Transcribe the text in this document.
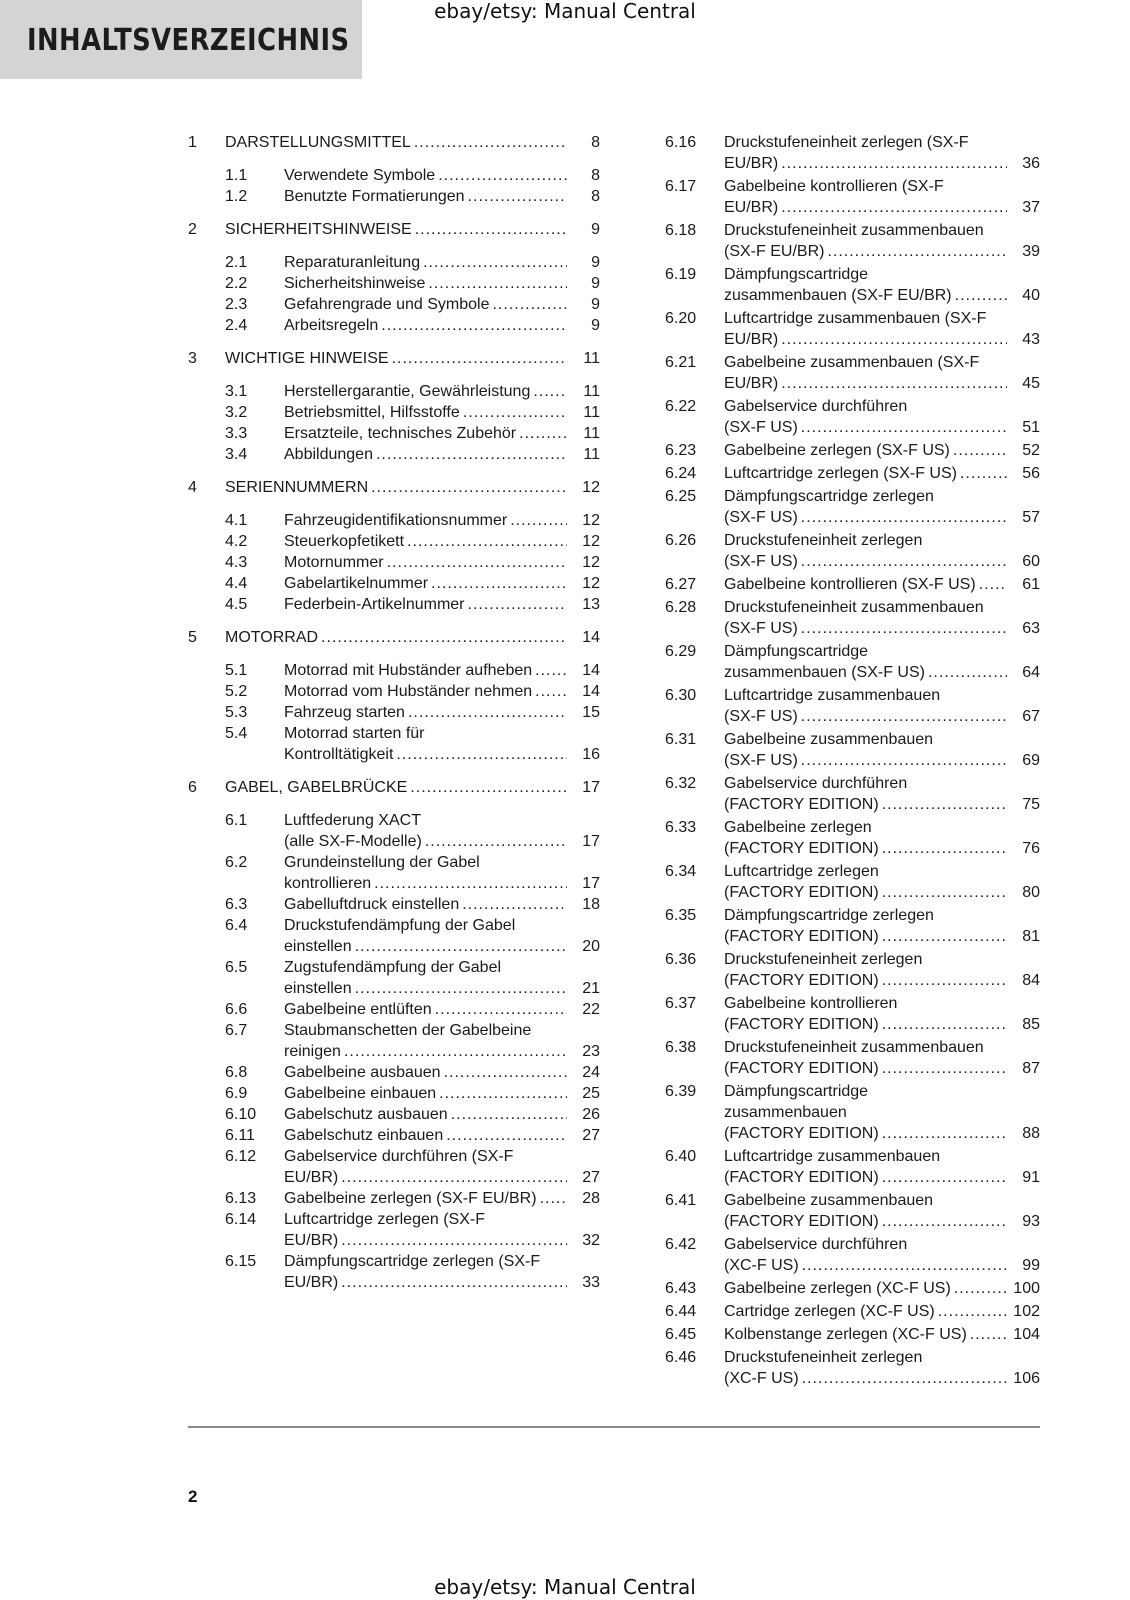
INHALTSVERZEICHNIS
ebay/etsy: Manual Central
1	DARSTELLUNGSMITTEL .....	8
1.1	Verwendete Symbole .....	8
1.2	Benutzte Formatierungen .....	8
2	SICHERHEITSHINWEISE .....	9
2.1	Reparaturanleitung .....	9
2.2	Sicherheitshinweise .....	9
2.3	Gefahrengrade und Symbole .....	9
2.4	Arbeitsregeln .....	9
3	WICHTIGE HINWEISE .....	11
3.1	Herstellergarantie, Gewährleistung .....	11
3.2	Betriebsmittel, Hilfsstoffe .....	11
3.3	Ersatzteile, technisches Zubehör .....	11
3.4	Abbildungen .....	11
4	SERIENNUMMERN .....	12
4.1	Fahrzeugidentifikationsnummer .....	12
4.2	Steuerkopfetikett .....	12
4.3	Motornummer .....	12
4.4	Gabelartikelnummer .....	12
4.5	Federbein-Artikelnummer .....	13
5	MOTORRAD .....	14
5.1	Motorrad mit Hubständer aufheben .....	14
5.2	Motorrad vom Hubständer nehmen .....	14
5.3	Fahrzeug starten .....	15
5.4	Motorrad starten für
Kontrolltätigkeit .....	16
6	GABEL, GABELBRÜCKE .....	17
6.1	Luftfederung XACT
(alle SX-F-Modelle) .....	17
6.2	Grundeinstellung der Gabel
kontrollieren .....	17
6.3	Gabelluftdruck einstellen .....	18
6.4	Druckstufendämpfung der Gabel
einstellen .....	20
6.5	Zugstufendämpfung der Gabel
einstellen .....	21
6.6	Gabelbeine entlüften .....	22
6.7	Staubmanschetten der Gabelbeine
reinigen .....	23
6.8	Gabelbeine ausbauen .....	24
6.9	Gabelbeine einbauen .....	25
6.10	Gabelschutz ausbauen .....	26
6.11	Gabelschutz einbauen .....	27
6.12	Gabelservice durchführen (SX-F
EU/BR) .....	27
6.13	Gabelbeine zerlegen (SX-F EU/BR) .....	28
6.14	Luftcartridge zerlegen (SX-F
EU/BR) .....	32
6.15	Dämpfungscartridge zerlegen (SX-F
EU/BR) .....	33
6.16	Druckstufeneinheit zerlegen (SX-F
EU/BR) .....	36
6.17	Gabelbeine kontrollieren (SX-F
EU/BR) .....	37
6.18	Druckstufeneinheit zusammenbauen
(SX-F EU/BR) .....	39
6.19	Dämpfungscartridge
zusammenbauen (SX-F EU/BR) .....	40
6.20	Luftcartridge zusammenbauen (SX-F
EU/BR) .....	43
6.21	Gabelbeine zusammenbauen (SX-F
EU/BR) .....	45
6.22	Gabelservice durchführen
(SX-F US) .....	51
6.23	Gabelbeine zerlegen (SX-F US) .....	52
6.24	Luftcartridge zerlegen (SX-F US) .....	56
6.25	Dämpfungscartridge zerlegen
(SX-F US) .....	57
6.26	Druckstufeneinheit zerlegen
(SX-F US) .....	60
6.27	Gabelbeine kontrollieren (SX-F US) .....	61
6.28	Druckstufeneinheit zusammenbauen
(SX-F US) .....	63
6.29	Dämpfungscartridge
zusammenbauen (SX-F US) .....	64
6.30	Luftcartridge zusammenbauen
(SX-F US) .....	67
6.31	Gabelbeine zusammenbauen
(SX-F US) .....	69
6.32	Gabelservice durchführen
(FACTORY EDITION) .....	75
6.33	Gabelbeine zerlegen
(FACTORY EDITION) .....	76
6.34	Luftcartridge zerlegen
(FACTORY EDITION) .....	80
6.35	Dämpfungscartridge zerlegen
(FACTORY EDITION) .....	81
6.36	Druckstufeneinheit zerlegen
(FACTORY EDITION) .....	84
6.37	Gabelbeine kontrollieren
(FACTORY EDITION) .....	85
6.38	Druckstufeneinheit zusammenbauen
(FACTORY EDITION) .....	87
6.39	Dämpfungscartridge
zusammenbauen
(FACTORY EDITION) .....	88
6.40	Luftcartridge zusammenbauen
(FACTORY EDITION) .....	91
6.41	Gabelbeine zusammenbauen
(FACTORY EDITION) .....	93
6.42	Gabelservice durchführen
(XC-F US) .....	99
6.43	Gabelbeine zerlegen (XC-F US) .....	100
6.44	Cartridge zerlegen (XC-F US) .....	102
6.45	Kolbenstange zerlegen (XC-F US) .....	104
6.46	Druckstufeneinheit zerlegen
(XC-F US) .....	106
2
ebay/etsy: Manual Central
